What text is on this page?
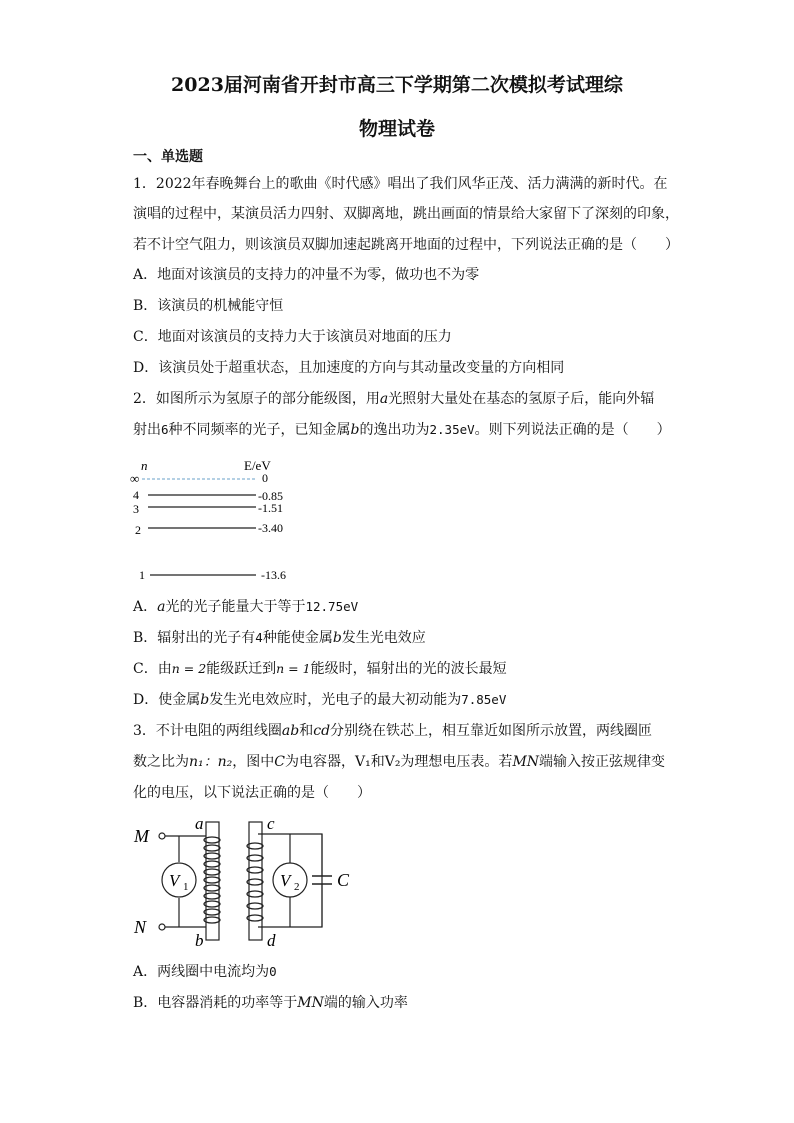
2023届河南省开封市高三下学期第二次模拟考试理综
物理试卷
一、单选题
1．2022年春晚舞台上的歌曲《时代感》唱出了我们风华正茂、活力满满的新时代。在
演唱的过程中，某演员活力四射、双脚离地，跳出画面的情景给大家留下了深刻的印象，
若不计空气阻力，则该演员双脚加速起跳离开地面的过程中，下列说法正确的是（　　）
A．地面对该演员的支持力的冲量不为零，做功也不为零
B．该演员的机械能守恒
C．地面对该演员的支持力大于该演员对地面的压力
D．该演员处于超重状态，且加速度的方向与其动量改变量的方向相同
2．如图所示为氢原子的部分能级图，用a光照射大量处在基态的氢原子后，能向外辐
射出6种不同频率的光子，已知金属b的逸出功为2.35eV。则下列说法正确的是（　　）
n	E/eV
∞	0
4	-0.85
3	-1.51
2	-3.40
1	-13.6
A．a光的光子能量大于等于12.75eV
B．辐射出的光子有4种能使金属b发生光电效应
C．由n = 2能级跃迁到n = 1能级时，辐射出的光的波长最短
D．使金属b发生光电效应时，光电子的最大初动能为7.85eV
3．不计电阻的两组线圈ab和cd分别绕在铁芯上，相互靠近如图所示放置，两线圈匝
数之比为n₁：n₂，图中C为电容器，V₁和V₂为理想电压表。若MN端输入按正弦规律变
化的电压，以下说法正确的是（　　）
M
N
V 1
a
b
c
d
V 2 C
A．两线圈中电流均为0
B．电容器消耗的功率等于MN端的输入功率
